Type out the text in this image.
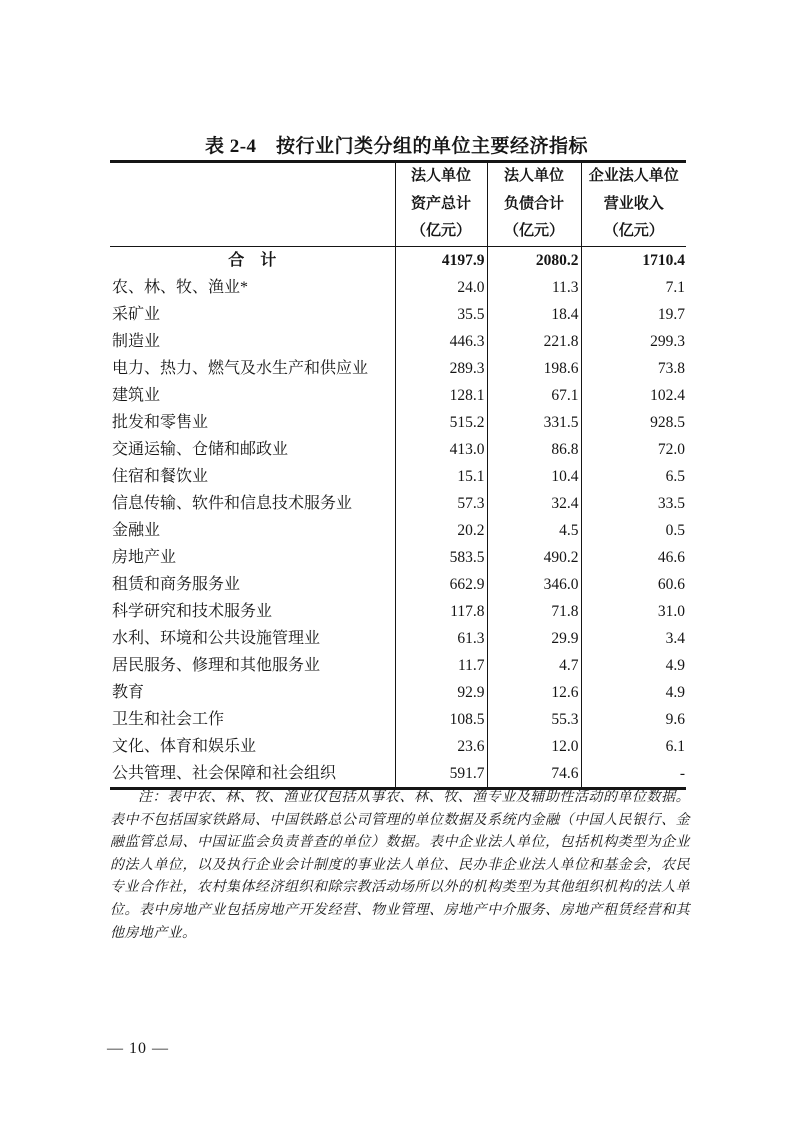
表 2-4　按行业门类分组的单位主要经济指标

	法人单位
资产总计
（亿元）	法人单位
负债合计
（亿元）	企业法人单位
营业收入
（亿元）

合　计	4197.9	2080.2	1710.4
农、林、牧、渔业*	24.0	11.3	7.1
采矿业	35.5	18.4	19.7
制造业	446.3	221.8	299.3
电力、热力、燃气及水生产和供应业	289.3	198.6	73.8
建筑业	128.1	67.1	102.4
批发和零售业	515.2	331.5	928.5
交通运输、仓储和邮政业	413.0	86.8	72.0
住宿和餐饮业	15.1	10.4	6.5
信息传输、软件和信息技术服务业	57.3	32.4	33.5
金融业	20.2	4.5	0.5
房地产业	583.5	490.2	46.6
租赁和商务服务业	662.9	346.0	60.6
科学研究和技术服务业	117.8	71.8	31.0
水利、环境和公共设施管理业	61.3	29.9	3.4
居民服务、修理和其他服务业	11.7	4.7	4.9
教育	92.9	12.6	4.9
卫生和社会工作	108.5	55.3	9.6
文化、体育和娱乐业	23.6	12.0	6.1
公共管理、社会保障和社会组织	591.7	74.6	-
注：表中农、林、牧、渔业仅包括从事农、林、牧、渔专业及辅助性活动的单位数据。表中不包括国家铁路局、中国铁路总公司管理的单位数据及系统内金融（中国人民银行、金融监管总局、中国证监会负责普查的单位）数据。表中企业法人单位，包括机构类型为企业的法人单位，以及执行企业会计制度的事业法人单位、民办非企业法人单位和基金会，农民专业合作社，农村集体经济组织和除宗教活动场所以外的机构类型为其他组织机构的法人单位。表中房地产业包括房地产开发经营、物业管理、房地产中介服务、房地产租赁经营和其他房地产业。
— 10 —
